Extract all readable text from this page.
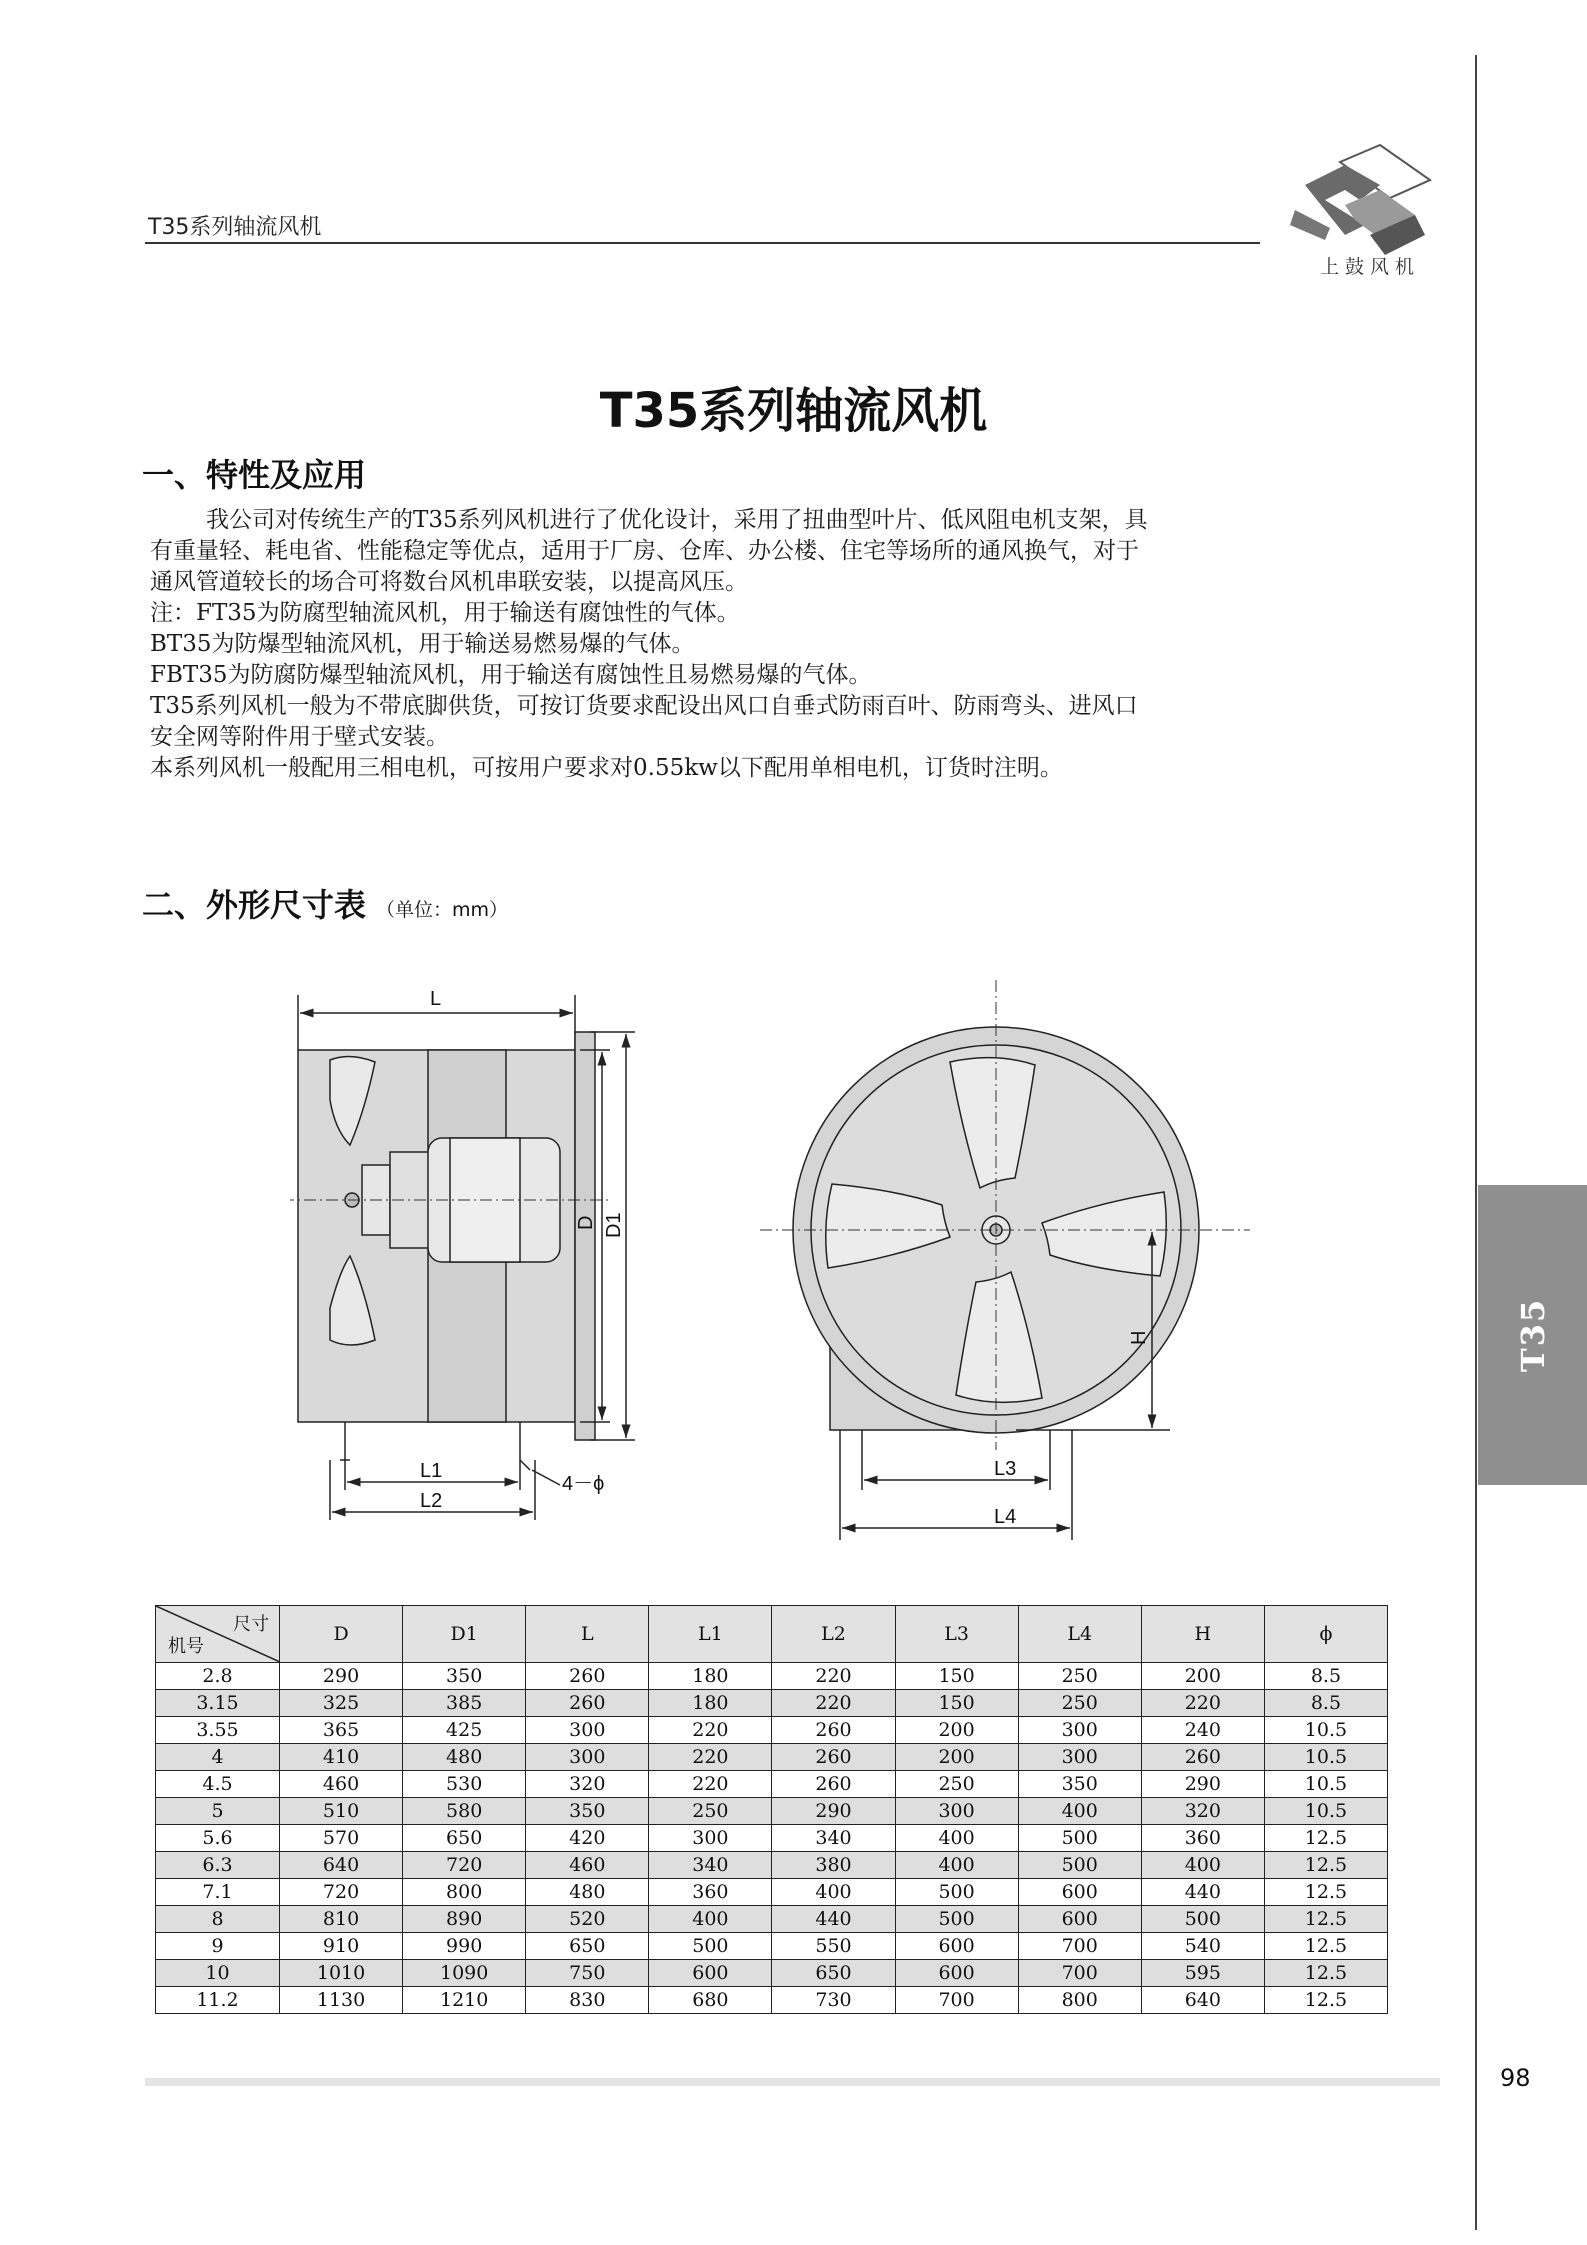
T35系列轴流风机
上鼓风机
T35
T35系列轴流风机
一、特性及应用

我公司对传统生产的T35系列风机进行了优化设计，采用了扭曲型叶片、低风阻电机支架，具

有重量轻、耗电省、性能稳定等优点，适用于厂房、仓库、办公楼、住宅等场所的通风换气，对于

通风管道较长的场合可将数台风机串联安装，以提高风压。

注：FT35为防腐型轴流风机，用于输送有腐蚀性的气体。

BT35为防爆型轴流风机，用于输送易燃易爆的气体。

FBT35为防腐防爆型轴流风机，用于输送有腐蚀性且易燃易爆的气体。

T35系列风机一般为不带底脚供货，可按订货要求配设出风口自垂式防雨百叶、防雨弯头、进风口

安全网等附件用于壁式安装。

本系列风机一般配用三相电机，可按用户要求对0.55kw以下配用单相电机，订货时注明。

二、外形尺寸表 （单位：mm）
L
D D1
L1
L2
4－ϕ
L3
L4
H
尺寸
机号	D	D1	L	L1	L2	L3	L4	H	ϕ
2.8	290	350	260	180	220	150	250	200	8.5
3.15	325	385	260	180	220	150	250	220	8.5
3.55	365	425	300	220	260	200	300	240	10.5
4	410	480	300	220	260	200	300	260	10.5
4.5	460	530	320	220	260	250	350	290	10.5
5	510	580	350	250	290	300	400	320	10.5
5.6	570	650	420	300	340	400	500	360	12.5
6.3	640	720	460	340	380	400	500	400	12.5
7.1	720	800	480	360	400	500	600	440	12.5
8	810	890	520	400	440	500	600	500	12.5
9	910	990	650	500	550	600	700	540	12.5
10	1010	1090	750	600	650	600	700	595	12.5
11.2	1130	1210	830	680	730	700	800	640	12.5
98
